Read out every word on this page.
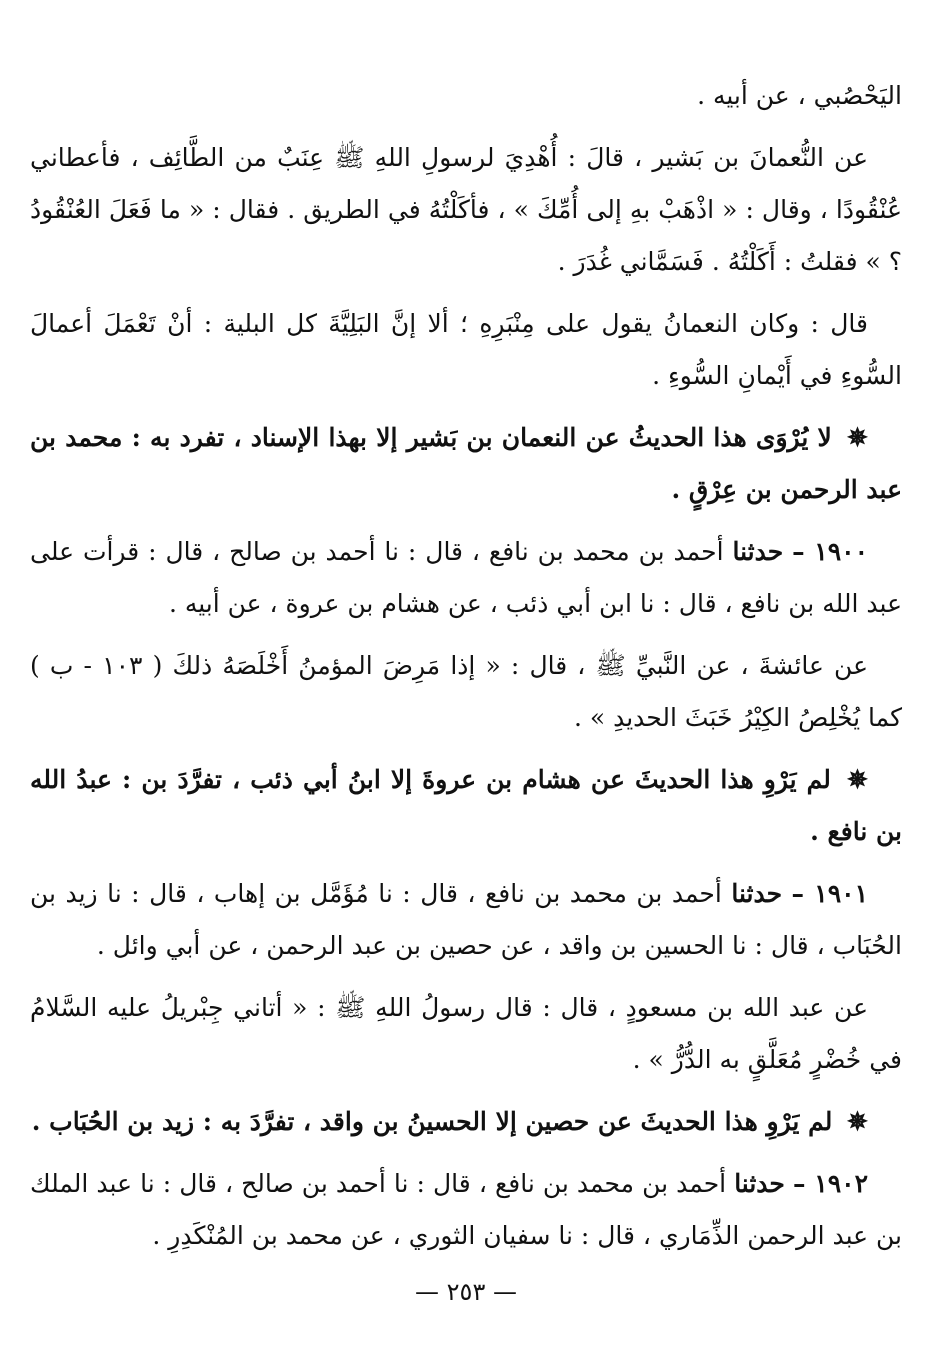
اليَحْصُبي ، عن أبيه .

عن النُّعمانَ بن بَشير ، قالَ : أُهْدِيَ لرسولِ اللهِ ﷺ عِنَبٌ من الطَّائِف ، فأعطاني عُنْقُودًا ، وقال : « اذْهَبْ بهِ إلى أُمِّكَ » ، فأكَلْتُهُ في الطريق . فقال : « ما فَعَلَ العُنْقُودُ ؟ » فقلتُ : أَكَلْتُهُ . فَسَمَّاني غُدَرَ .

قال : وكان النعمانُ يقول على مِنْبَرِهِ ؛ ألا إنَّ البَلِيَّةَ كل البلية : أنْ تَعْمَلَ أعمالَ السُّوءِ في أَيْمانِ السُّوءِ .

✵ لا يُرْوَى هذا الحديثُ عن النعمان بن بَشير إلا بهذا الإسناد ، تفرد به : محمد بن عبد الرحمن بن عِرْقٍ .

١٩٠٠ – حدثنا أحمد بن محمد بن نافع ، قال : نا أحمد بن صالح ، قال : قرأت على عبد الله بن نافع ، قال : نا ابن أبي ذئب ، عن هشام بن عروة ، عن أبيه .

عن عائشةَ ، عن النَّبيِّ ﷺ ، قال : « إذا مَرِضَ المؤمنُ أَخْلَصَهُ ذلكَ ( ١٠٣ - ب ) كما يُخْلِصُ الكِيْرُ خَبَثَ الحديدِ » .

✵ لم يَرْوِ هذا الحديثَ عن هشام بن عروةَ إلا ابنُ أبي ذئب ، تفرَّدَ بن : عبدُ الله بن نافع .

١٩٠١ – حدثنا أحمد بن محمد بن نافع ، قال : نا مُؤَمَّل بن إهاب ، قال : نا زيد بن الحُبَاب ، قال : نا الحسين بن واقد ، عن حصين بن عبد الرحمن ، عن أبي وائل .

عن عبد الله بن مسعودٍ ، قال : قال رسولُ اللهِ ﷺ : « أتاني جِبْريلُ عليه السَّلامُ في خُضْرٍ مُعَلَّقٍ به الدُّرُّ » .

✵ لم يَرْوِ هذا الحديثَ عن حصين إلا الحسينُ بن واقد ، تفرَّدَ به : زيد بن الحُبَاب .

١٩٠٢ – حدثنا أحمد بن محمد بن نافع ، قال : نا أحمد بن صالح ، قال : نا عبد الملك بن عبد الرحمن الذِّمَاري ، قال : نا سفيان الثوري ، عن محمد بن المُنْكَدِرِ .

— ٢٥٣ —
